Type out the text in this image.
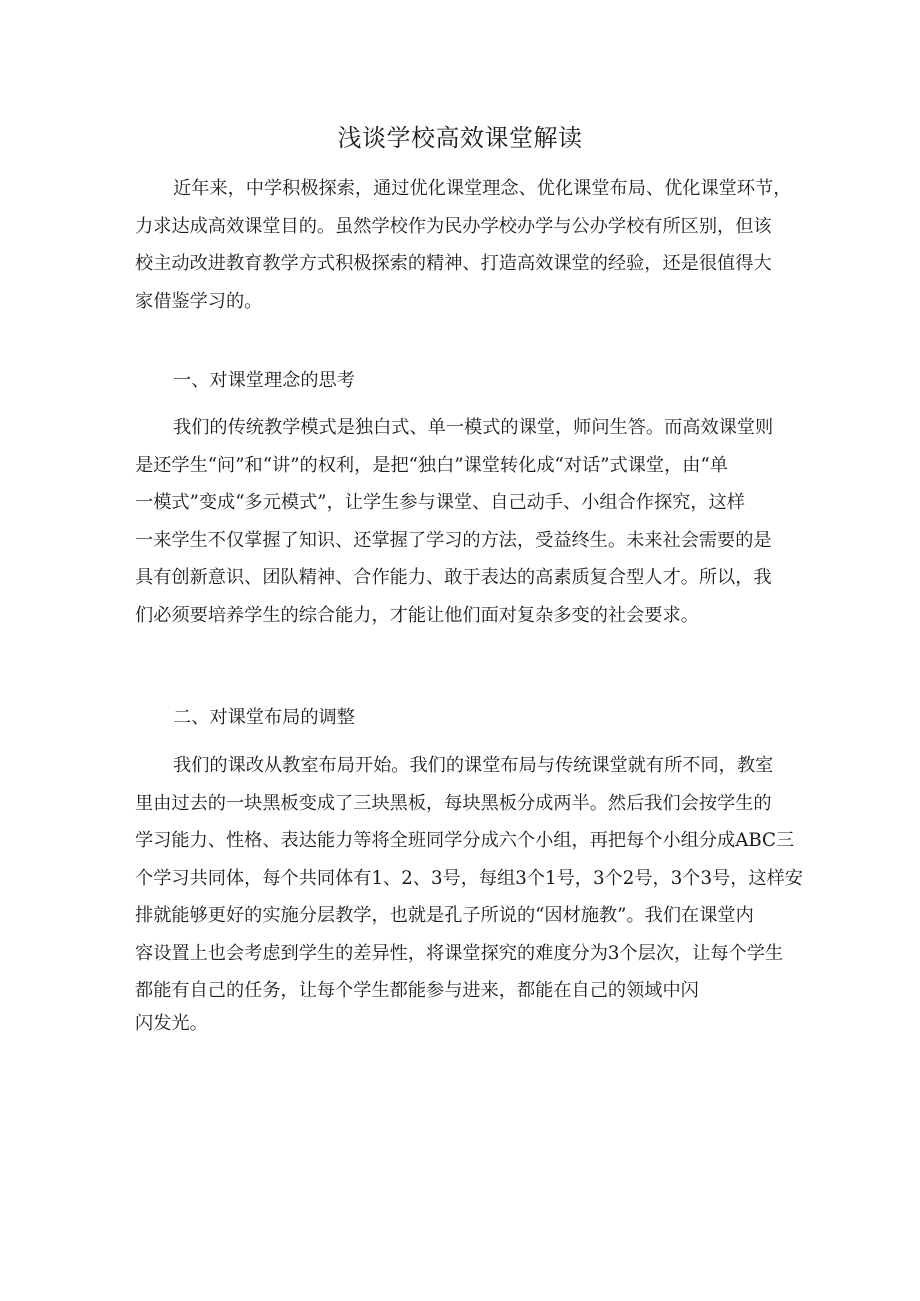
浅谈学校高效课堂解读
近年来，中学积极探索，通过优化课堂理念、优化课堂布局、优化课堂环节，
力求达成高效课堂目的。虽然学校作为民办学校办学与公办学校有所区别，但该
校主动改进教育教学方式积极探索的精神、打造高效课堂的经验，还是很值得大
家借鉴学习的。
一、对课堂理念的思考
我们的传统教学模式是独白式、单一模式的课堂，师问生答。而高效课堂则
是还学生“问”和“讲”的权利，是把“独白”课堂转化成“对话”式课堂，由“单
一模式”变成“多元模式”，让学生参与课堂、自己动手、小组合作探究，这样
一来学生不仅掌握了知识、还掌握了学习的方法，受益终生。未来社会需要的是
具有创新意识、团队精神、合作能力、敢于表达的高素质复合型人才。所以，我
们必须要培养学生的综合能力，才能让他们面对复杂多变的社会要求。
二、对课堂布局的调整
我们的课改从教室布局开始。我们的课堂布局与传统课堂就有所不同，教室
里由过去的一块黑板变成了三块黑板，每块黑板分成两半。然后我们会按学生的
学习能力、性格、表达能力等将全班同学分成六个小组，再把每个小组分成ABC三
个学习共同体，每个共同体有1、2、3号，每组3个1号，3个2号，3个3号，这样安
排就能够更好的实施分层教学，也就是孔子所说的“因材施教”。我们在课堂内
容设置上也会考虑到学生的差异性，将课堂探究的难度分为3个层次，让每个学生
都能有自己的任务，让每个学生都能参与进来，都能在自己的领域中闪
闪发光。
